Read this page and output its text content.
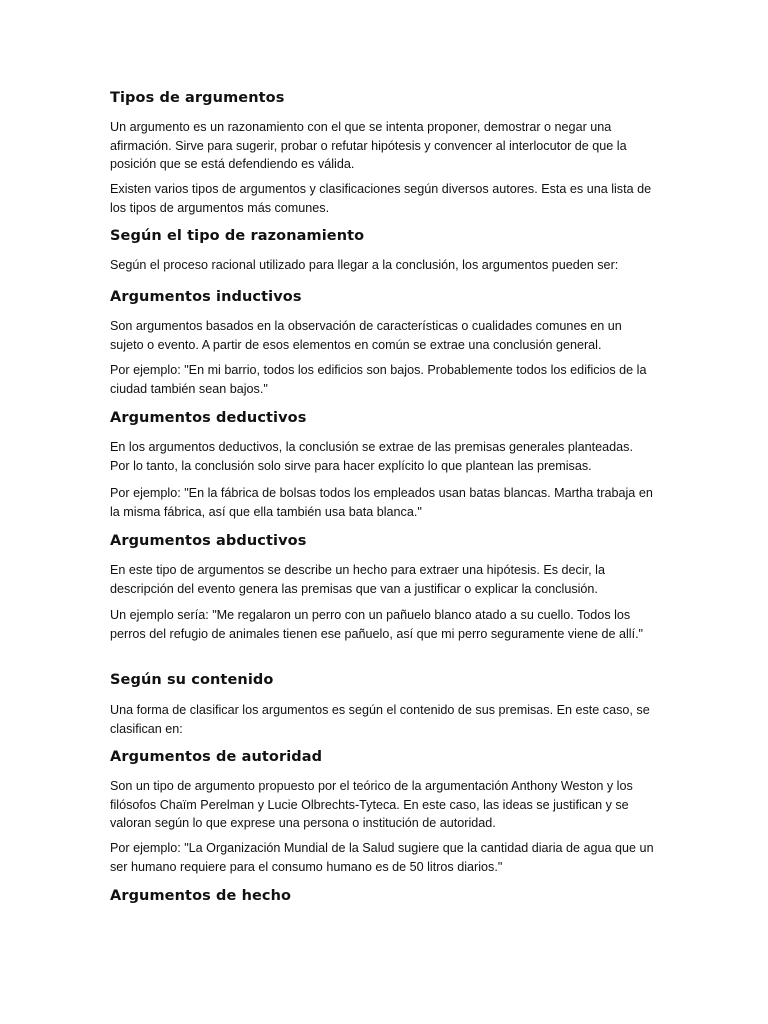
Tipos de argumentos

Un argumento es un razonamiento con el que se intenta proponer, demostrar o negar una afirmación. Sirve para sugerir, probar o refutar hipótesis y convencer al interlocutor de que la posición que se está defendiendo es válida.

Existen varios tipos de argumentos y clasificaciones según diversos autores. Esta es una lista de los tipos de argumentos más comunes.

Según el tipo de razonamiento

Según el proceso racional utilizado para llegar a la conclusión, los argumentos pueden ser:

Argumentos inductivos

Son argumentos basados en la observación de características o cualidades comunes en un sujeto o evento. A partir de esos elementos en común se extrae una conclusión general.

Por ejemplo: "En mi barrio, todos los edificios son bajos. Probablemente todos los edificios de la ciudad también sean bajos."

Argumentos deductivos

En los argumentos deductivos, la conclusión se extrae de las premisas generales planteadas. Por lo tanto, la conclusión solo sirve para hacer explícito lo que plantean las premisas.

Por ejemplo: "En la fábrica de bolsas todos los empleados usan batas blancas. Martha trabaja en la misma fábrica, así que ella también usa bata blanca."

Argumentos abductivos

En este tipo de argumentos se describe un hecho para extraer una hipótesis. Es decir, la descripción del evento genera las premisas que van a justificar o explicar la conclusión.

Un ejemplo sería: "Me regalaron un perro con un pañuelo blanco atado a su cuello. Todos los perros del refugio de animales tienen ese pañuelo, así que mi perro seguramente viene de allí."

Según su contenido

Una forma de clasificar los argumentos es según el contenido de sus premisas. En este caso, se clasifican en:

Argumentos de autoridad

Son un tipo de argumento propuesto por el teórico de la argumentación Anthony Weston y los filósofos Chaïm Perelman y Lucie Olbrechts-Tyteca. En este caso, las ideas se justifican y se valoran según lo que exprese una persona o institución de autoridad.

Por ejemplo: "La Organización Mundial de la Salud sugiere que la cantidad diaria de agua que un ser humano requiere para el consumo humano es de 50 litros diarios."

Argumentos de hecho
